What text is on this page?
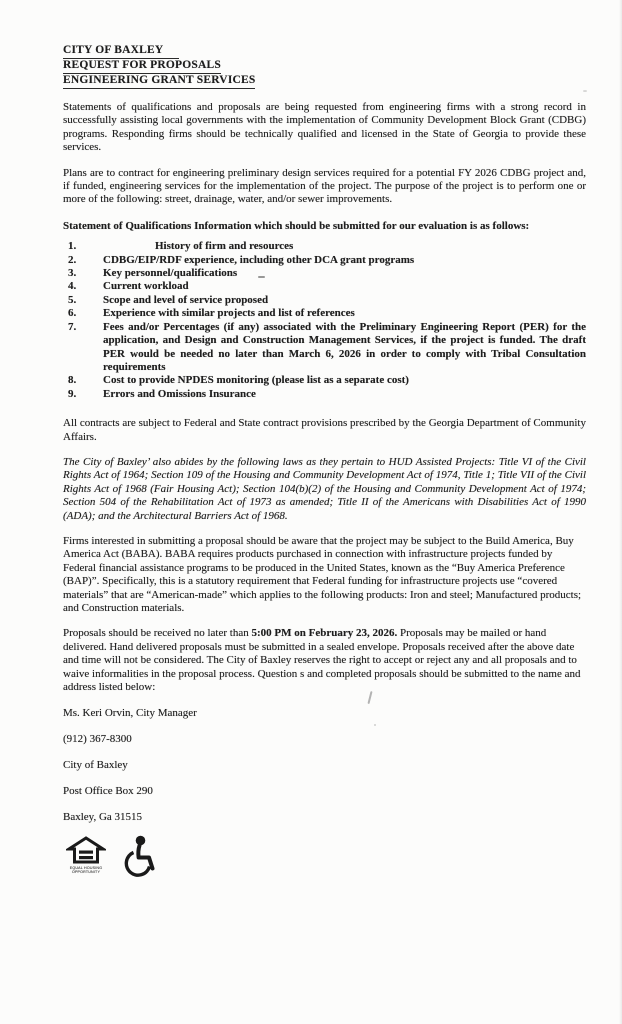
CITY OF BAXLEY
REQUEST FOR PROPOSALS
ENGINEERING GRANT SERVICES

Statements of qualifications and proposals are being requested from engineering firms with a strong record in successfully assisting local governments with the implementation of Community Development Block Grant (CDBG) programs. Responding firms should be technically qualified and licensed in the State of Georgia to provide these services.

Plans are to contract for engineering preliminary design services required for a potential FY 2026 CDBG project and, if funded, engineering services for the implementation of the project. The purpose of the project is to perform one or more of the following: street, drainage, water, and/or sewer improvements.

Statement of Qualifications Information which should be submitted for our evaluation is as follows:
1.	History of firm and resources
2.	CDBG/EIP/RDF experience, including other DCA grant programs
3.	Key personnel/qualifications
4.	Current workload
5.	Scope and level of service proposed
6.	Experience with similar projects and list of references
7.	Fees and/or Percentages (if any) associated with the Preliminary Engineering Report (PER) for the application, and Design and Construction Management Services, if the project is funded. The draft PER would be needed no later than March 6, 2026 in order to comply with Tribal Consultation requirements
8.	Cost to provide NPDES monitoring (please list as a separate cost)
9.	Errors and Omissions Insurance

All contracts are subject to Federal and State contract provisions prescribed by the Georgia Department of Community Affairs.

The City of Baxley’ also abides by the following laws as they pertain to HUD Assisted Projects: Title VI of the Civil Rights Act of 1964; Section 109 of the Housing and Community Development Act of 1974, Title 1; Title VII of the Civil Rights Act of 1968 (Fair Housing Act); Section 104(b)(2) of the Housing and Community Development Act of 1974; Section 504 of the Rehabilitation Act of 1973 as amended; Title II of the Americans with Disabilities Act of 1990 (ADA); and the Architectural Barriers Act of 1968.

Firms interested in submitting a proposal should be aware that the project may be subject to the Build America, Buy America Act (BABA). BABA requires products purchased in connection with infrastructure projects funded by Federal financial assistance programs to be produced in the United States, known as the “Buy America Preference (BAP)”. Specifically, this is a statutory requirement that Federal funding for infrastructure projects use “covered materials” that are “American-made” which applies to the following products: Iron and steel; Manufactured products; and Construction materials.

Proposals should be received no later than 5:00 PM on February 23, 2026. Proposals may be mailed or hand delivered. Hand delivered proposals must be submitted in a sealed envelope. Proposals received after the above date and time will not be considered. The City of Baxley reserves the right to accept or reject any and all proposals and to waive informalities in the proposal process. Question s and completed proposals should be submitted to the name and address listed below:

Ms. Keri Orvin, City Manager
(912) 367-8300
City of Baxley
Post Office Box 290
Baxley, Ga 31515
EQUAL HOUSING
OPPORTUNITY
